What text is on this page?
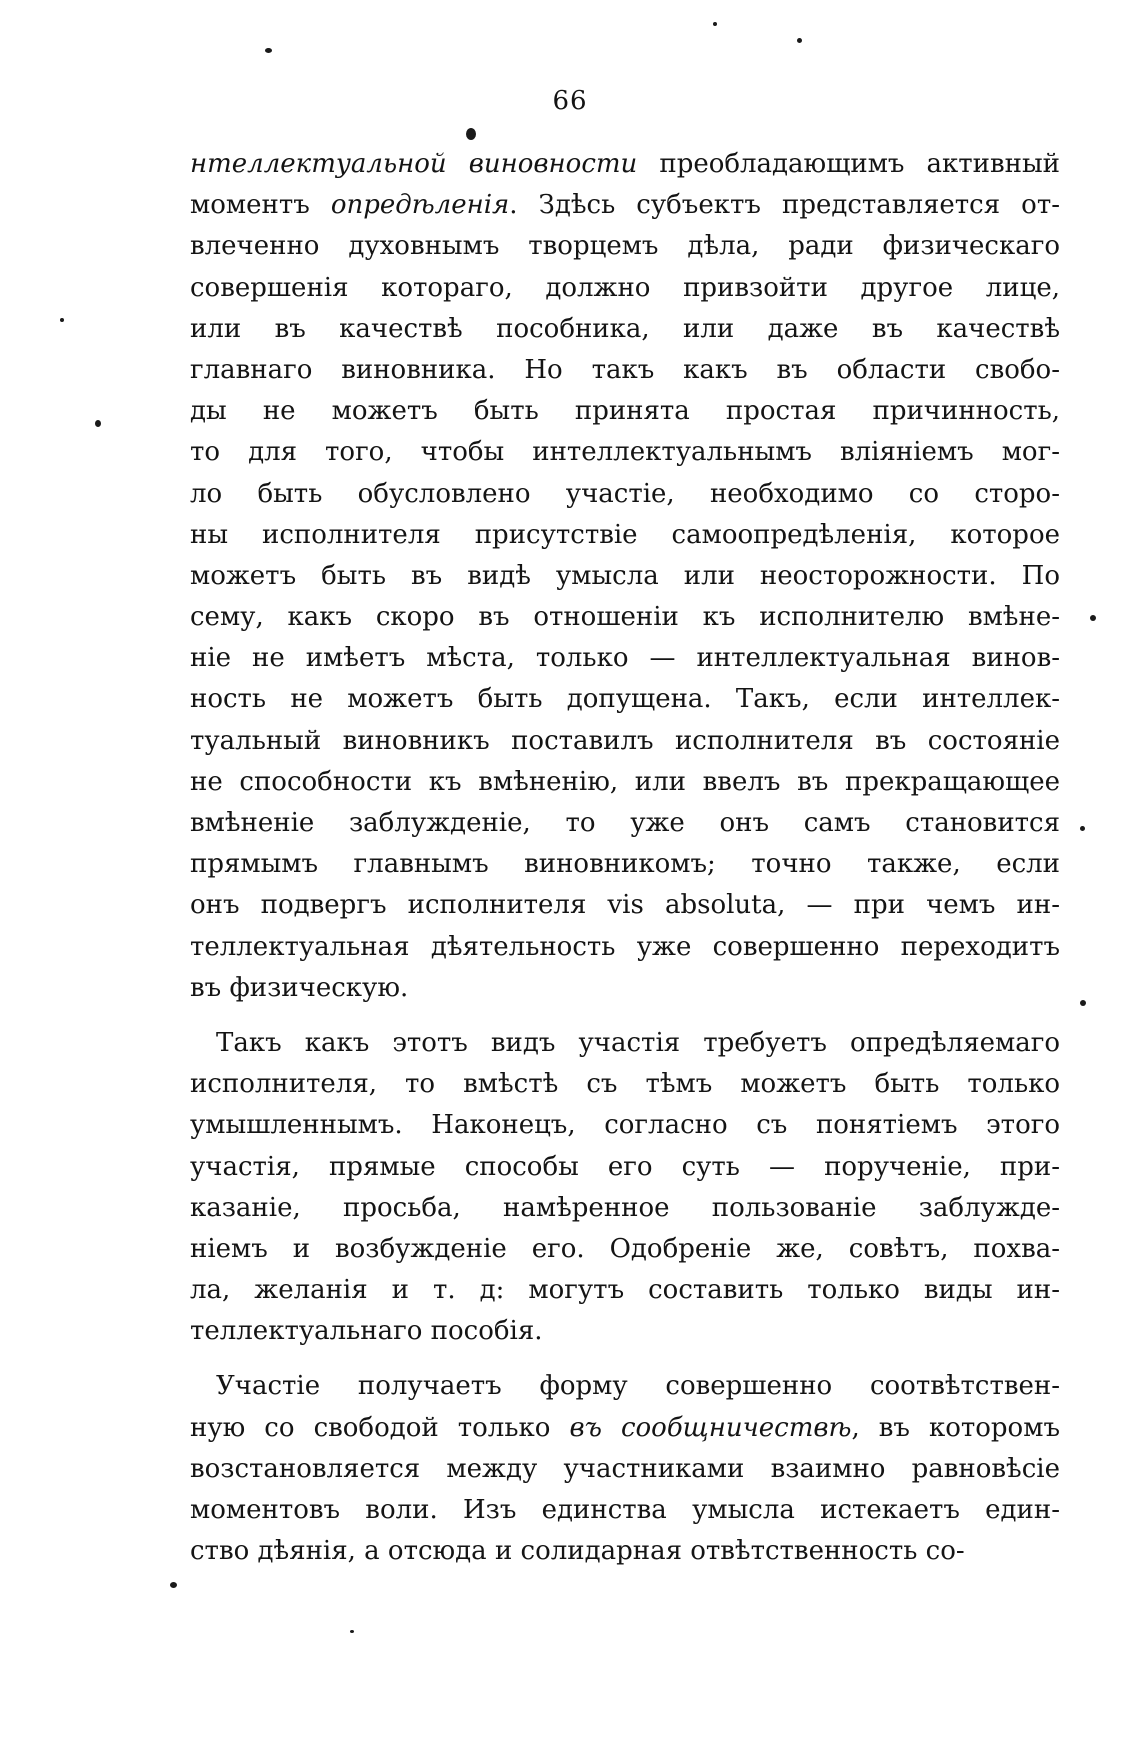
66
нтеллектуальной виновности преобладающимъ активный
моментъ опредѣленія. Здѣсь субъектъ представляется от-
влеченно духовнымъ творцемъ дѣла, ради физическаго
совершенія котораго, должно привзойти другое лице,
или въ качествѣ пособника, или даже въ качествѣ
главнаго виновника. Но такъ какъ въ области свобо-
ды не можетъ быть принята простая причинность,
то для того, чтобы интеллектуальнымъ вліяніемъ мог-
ло быть обусловлено участіе, необходимо со сторо-
ны исполнителя присутствіе самоопредѣленія, которое
можетъ быть въ видѣ умысла или неосторожности. По
сему, какъ скоро въ отношеніи къ исполнителю вмѣне-
ніе не имѣетъ мѣста, только — интеллектуальная винов-
ность не можетъ быть допущена. Такъ, если интеллек-
туальный виновникъ поставилъ исполнителя въ состояніе
не способности къ вмѣненію, или ввелъ въ прекращающее
вмѣненіе заблужденіе, то уже онъ самъ становится
прямымъ главнымъ виновникомъ; точно также, если
онъ подвергъ исполнителя vis absoluta, — при чемъ ин-
теллектуальная дѣятельность уже совершенно переходитъ
въ физическую.
Такъ какъ этотъ видъ участія требуетъ опредѣляемаго
исполнителя, то вмѣстѣ съ тѣмъ можетъ быть только
умышленнымъ. Наконецъ, согласно съ понятіемъ этого
участія, прямые способы его суть — порученіе, при-
казаніе, просьба, намѣренное пользованіе заблужде-
ніемъ и возбужденіе его. Одобреніе же, совѣтъ, похва-
ла, желанія и т. д: могутъ составить только виды ин-
теллектуальнаго пособія.
Участіе получаетъ форму совершенно соотвѣтствен-
ную со свободой только въ сообщничествѣ, въ которомъ
возстановляется между участниками взаимно равновѣсіе
моментовъ воли. Изъ единства умысла истекаетъ един-
ство дѣянія, а отсюда и солидарная отвѣтственность со-
